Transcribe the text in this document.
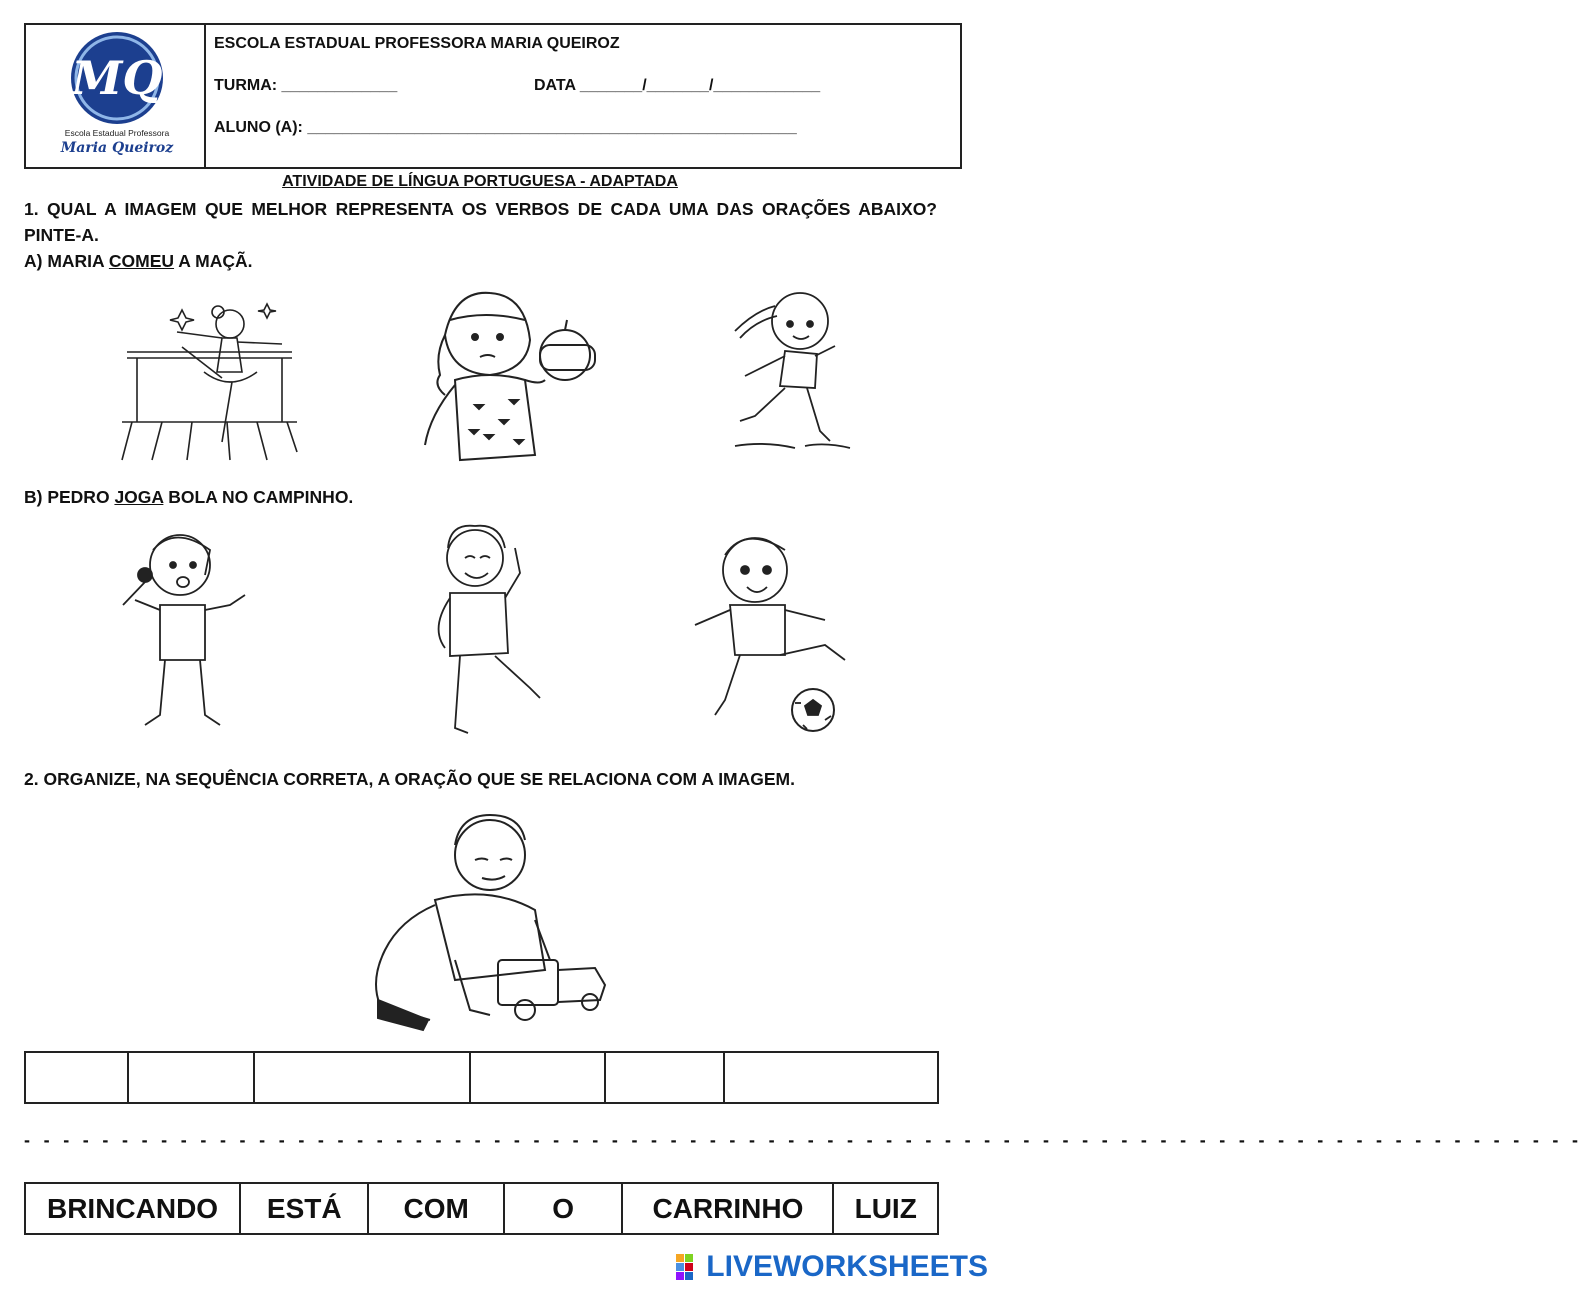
MQ
Escola Estadual Professora
Maria Queiroz
ESCOLA ESTADUAL PROFESSORA MARIA QUEIROZ
TURMA: _____________	DATA _______/_______/____________
ALUNO (A): _______________________________________________________
ATIVIDADE DE LÍNGUA PORTUGUESA - ADAPTADA
1. QUAL A IMAGEM QUE MELHOR REPRESENTA OS VERBOS DE CADA UMA DAS ORAÇÕES ABAIXO? PINTE-A.
A) MARIA COMEU A MAÇÃ.
B) PEDRO JOGA BOLA NO CAMPINHO.
2. ORGANIZE, NA SEQUÊNCIA CORRETA, A ORAÇÃO QUE SE RELACIONA COM A IMAGEM.
- - - - - - - - - - - - - - - - - - - - - - - - - - - - - - - - - - - - - - - - - - - - - - - - - - - - - - - - - - - - - - - - - - - - - - - - - - - - - - - -
BRINCANDO ESTÁ COM	O	CARRINHO LUIZ
LIVEWORKSHEETS
